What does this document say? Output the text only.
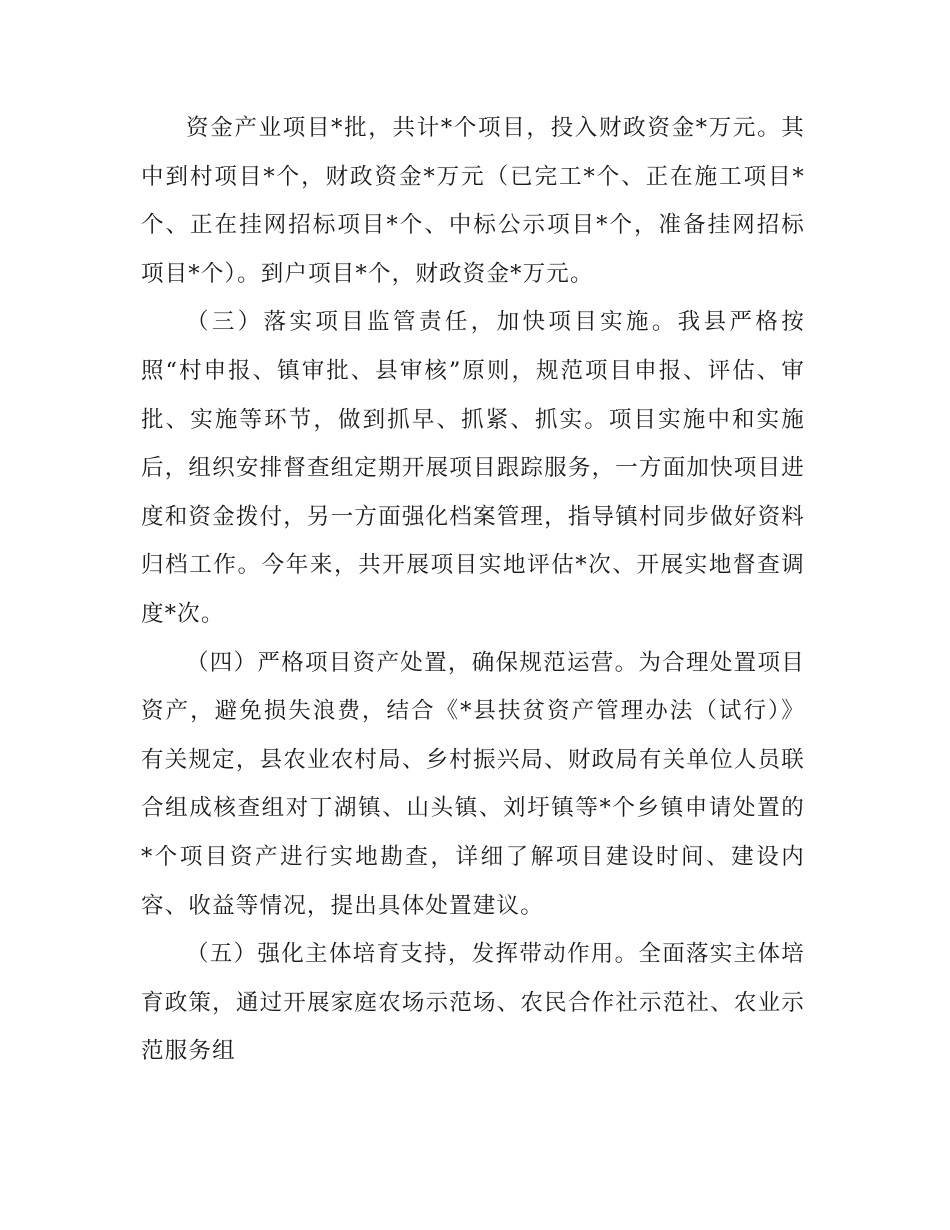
资金产业项目*批，共计*个项目，投入财政资金*万元。其中到村项目*个，财政资金*万元（已完工*个、正在施工项目*个、正在挂网招标项目*个、中标公示项目*个，准备挂网招标项目*个）。到户项目*个，财政资金*万元。

（三）落实项目监管责任，加快项目实施。我县严格按照“村申报、镇审批、县审核”原则，规范项目申报、评估、审批、实施等环节，做到抓早、抓紧、抓实。项目实施中和实施后，组织安排督查组定期开展项目跟踪服务，一方面加快项目进度和资金拨付，另一方面强化档案管理，指导镇村同步做好资料归档工作。今年来，共开展项目实地评估*次、开展实地督查调度*次。

（四）严格项目资产处置，确保规范运营。为合理处置项目资产，避免损失浪费，结合《*县扶贫资产管理办法（试行）》有关规定，县农业农村局、乡村振兴局、财政局有关单位人员联合组成核查组对丁湖镇、山头镇、刘圩镇等*个乡镇申请处置的*个项目资产进行实地勘查，详细了解项目建设时间、建设内容、收益等情况，提出具体处置建议。

（五）强化主体培育支持，发挥带动作用。全面落实主体培育政策，通过开展家庭农场示范场、农民合作社示范社、农业示范服务组
